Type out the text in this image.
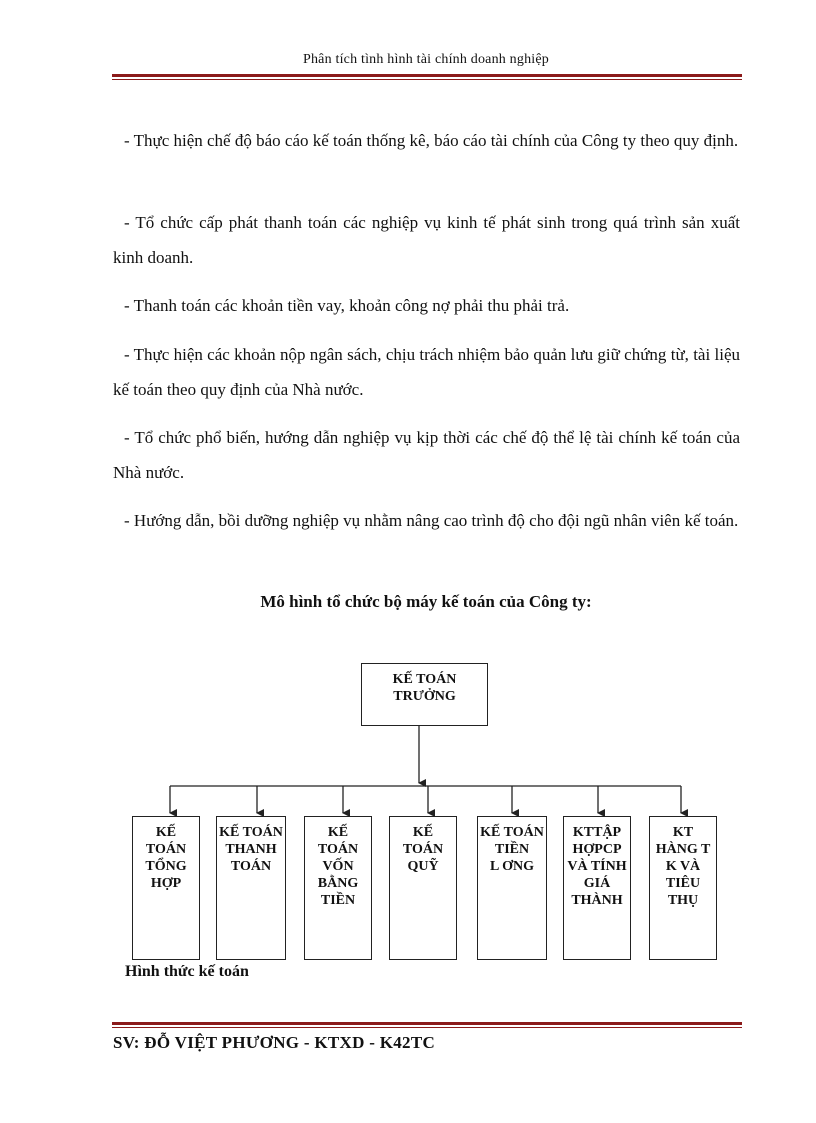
Phân tích tình hình tài chính doanh nghiệp

- Thực hiện chế độ báo cáo kế toán thống kê, báo cáo tài chính của Công ty theo quy định.

- Tổ chức cấp phát thanh toán các nghiệp vụ kinh tế phát sinh trong quá trình sản xuất kinh doanh.

- Thanh toán các khoản tiền vay, khoản công nợ phải thu phải trả.

- Thực hiện các khoản nộp ngân sách, chịu trách nhiệm bảo quản lưu giữ chứng từ, tài liệu kế toán theo quy định của Nhà nước.

- Tổ chức phổ biến, hướng dẫn nghiệp vụ kịp thời các chế độ thể lệ tài chính kế toán của Nhà nước.

- Hướng dẫn, bồi dưỡng nghiệp vụ nhằm nâng cao trình độ cho đội ngũ nhân viên kế toán.

Mô hình tổ chức bộ máy kế toán của Công ty:
KẾ TOÁN
TRƯỞNG
KẾ
TOÁN
TỔNG
HỢP
KẾ TOÁN
THANH
TOÁN
KẾ
TOÁN
VỐN
BẰNG
TIỀN
KẾ
TOÁN
QUỸ
KẾ TOÁN
TIỀN
L ƠNG
KTTẬP
HỢPCP
VÀ TÍNH
GIÁ
THÀNH
KT
HÀNG T
K VÀ
TIÊU
THỤ
Hình thức kế toán
SV: ĐỖ VIỆT PHƯƠNG - KTXD - K42TC
